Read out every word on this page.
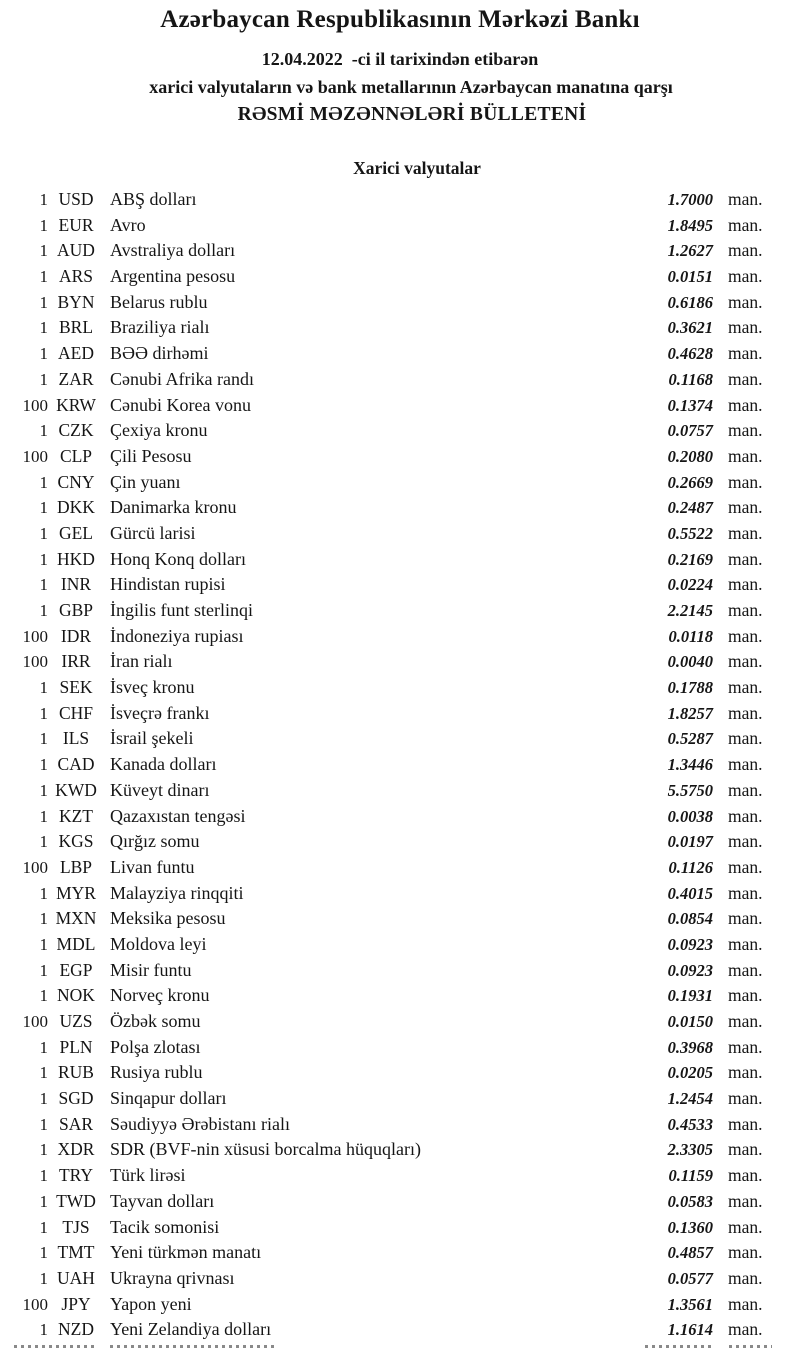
Azərbaycan Respublikasının Mərkəzi Bankı
12.04.2022  -ci il tarixindən etibarən
xarici valyutaların və bank metallarının Azərbaycan manatına qarşı
RƏSMİ MƏZƏNNƏLƏRİ BÜLLETENİ
Xarici valyutalar
1 USD ABŞ dolları	1.7000 man.
1 EUR Avro	1.8495 man.
1 AUD Avstraliya dolları	1.2627 man.
1 ARS Argentina pesosu	0.0151 man.
1 BYN Belarus rublu	0.6186 man.
1 BRL Braziliya rialı	0.3621 man.
1 AED BƏƏ dirhəmi	0.4628 man.
1 ZAR Cənubi Afrika randı	0.1168 man.
100 KRW Cənubi Korea vonu	0.1374 man.
1 CZK Çexiya kronu	0.0757 man.
100 CLP Çili Pesosu	0.2080 man.
1 CNY Çin yuanı	0.2669 man.
1 DKK Danimarka kronu	0.2487 man.
1 GEL Gürcü larisi	0.5522 man.
1 HKD Honq Konq dolları	0.2169 man.
1 INR	Hindistan rupisi	0.0224 man.
1 GBP İngilis funt sterlinqi	2.2145 man.
100 IDR	İndoneziya rupiası	0.0118 man.
100 IRR	İran rialı	0.0040 man.
1 SEK İsveç kronu	0.1788 man.
1 CHF İsveçrə frankı	1.8257 man.
1 ILS	İsrail şekeli	0.5287 man.
1 CAD Kanada dolları	1.3446 man.
1 KWD Küveyt dinarı	5.5750 man.
1 KZT Qazaxıstan tengəsi	0.0038 man.
1 KGS Qırğız somu	0.0197 man.
100 LBP Livan funtu	0.1126 man.
1 MYR Malayziya rinqqiti	0.4015 man.
1 MXN Meksika pesosu	0.0854 man.
1 MDL Moldova leyi	0.0923 man.
1 EGP Misir funtu	0.0923 man.
1 NOK Norveç kronu	0.1931 man.
100 UZS Özbək somu	0.0150 man.
1 PLN Polşa zlotası	0.3968 man.
1 RUB Rusiya rublu	0.0205 man.
1 SGD Sinqapur dolları	1.2454 man.
1 SAR Səudiyyə Ərəbistanı rialı	0.4533 man.
1 XDR SDR (BVF-nin xüsusi borcalma hüquqları)	2.3305 man.
1 TRY Türk lirəsi	0.1159 man.
1 TWD Tayvan dolları	0.0583 man.
1 TJS	Tacik somonisi	0.1360 man.
1 TMT Yeni türkmən manatı	0.4857 man.
1 UAH Ukrayna qrivnası	0.0577 man.
100 JPY	Yapon yeni	1.3561 man.
1 NZD Yeni Zelandiya dolları	1.1614 man.
